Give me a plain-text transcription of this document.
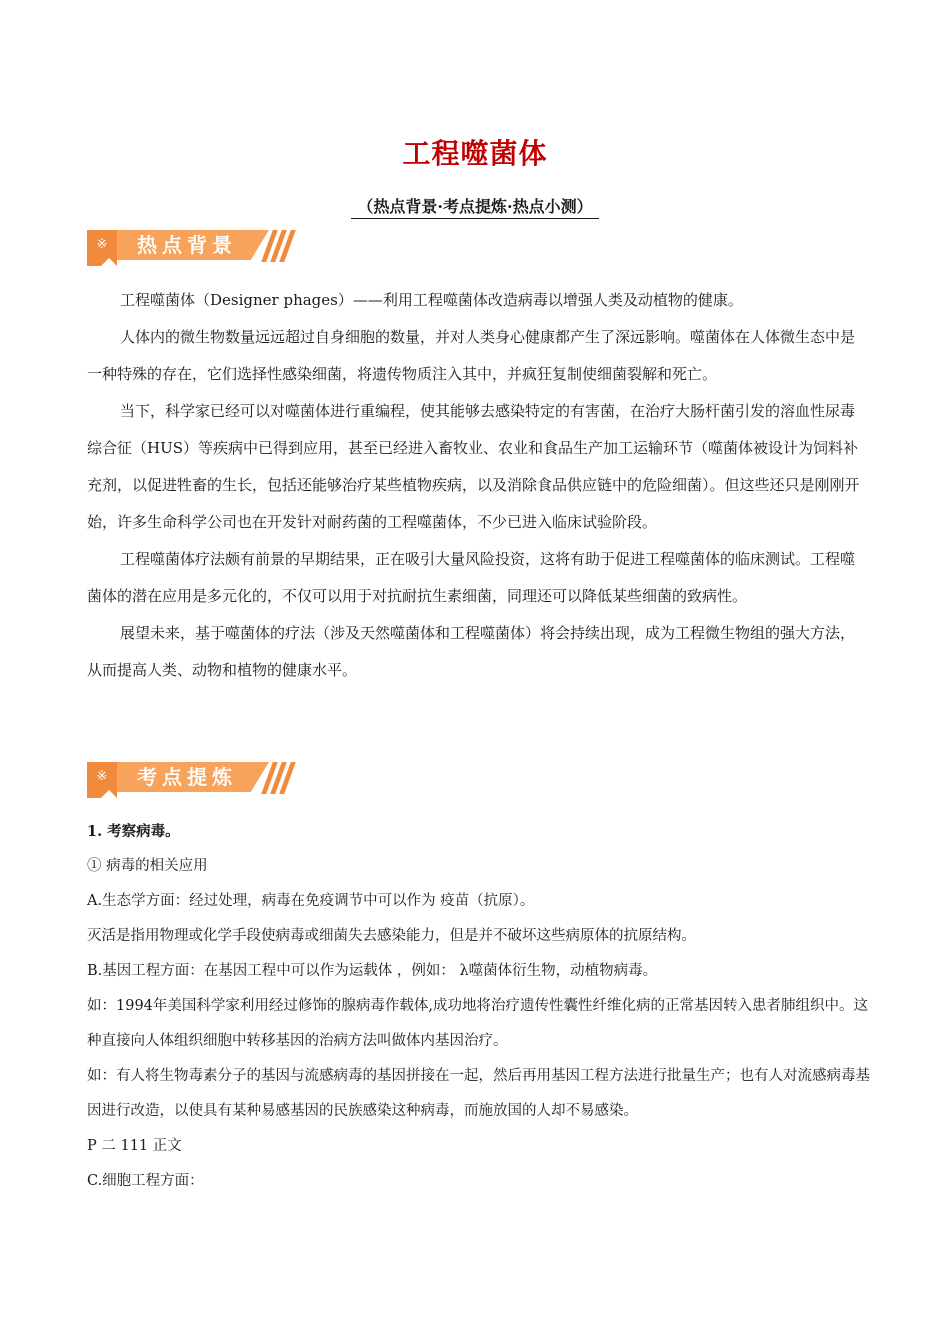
工程噬菌体
（热点背景·考点提炼·热点小测）
※	热点背景

工程噬菌体（Designer phages）——利用工程噬菌体改造病毒以增强人类及动植物的健康。

人体内的微生物数量远远超过自身细胞的数量，并对人类身心健康都产生了深远影响。噬菌体在人体微生态中是一种特殊的存在，它们选择性感染细菌，将遗传物质注入其中，并疯狂复制使细菌裂解和死亡。

当下，科学家已经可以对噬菌体进行重编程，使其能够去感染特定的有害菌，在治疗大肠杆菌引发的溶血性尿毒综合征（HUS）等疾病中已得到应用，甚至已经进入畜牧业、农业和食品生产加工运输环节（噬菌体被设计为饲料补充剂，以促进牲畜的生长，包括还能够治疗某些植物疾病，以及消除食品供应链中的危险细菌）。但这些还只是刚刚开始，许多生命科学公司也在开发针对耐药菌的工程噬菌体，不少已进入临床试验阶段。

工程噬菌体疗法颇有前景的早期结果，正在吸引大量风险投资，这将有助于促进工程噬菌体的临床测试。工程噬菌体的潜在应用是多元化的，不仅可以用于对抗耐抗生素细菌，同理还可以降低某些细菌的致病性。

展望未来，基于噬菌体的疗法（涉及天然噬菌体和工程噬菌体）将会持续出现，成为工程微生物组的强大方法，从而提高人类、动物和植物的健康水平。

※	考点提炼

1. 考察病毒。

① 病毒的相关应用

A.生态学方面：经过处理，病毒在免疫调节中可以作为 疫苗（抗原）。

灭活是指用物理或化学手段使病毒或细菌失去感染能力，但是并不破坏这些病原体的抗原结构。

B.基因工程方面：在基因工程中可以作为运载体 ，例如： λ噬菌体衍生物，动植物病毒。

如：1994年美国科学家利用经过修饰的腺病毒作载体,成功地将治疗遗传性囊性纤维化病的正常基因转入患者肺组织中。这种直接向人体组织细胞中转移基因的治病方法叫做体内基因治疗。

如：有人将生物毒素分子的基因与流感病毒的基因拼接在一起，然后再用基因工程方法进行批量生产；也有人对流感病毒基因进行改造，以使具有某种易感基因的民族感染这种病毒，而施放国的人却不易感染。

P 二 111 正文

C.细胞工程方面：
